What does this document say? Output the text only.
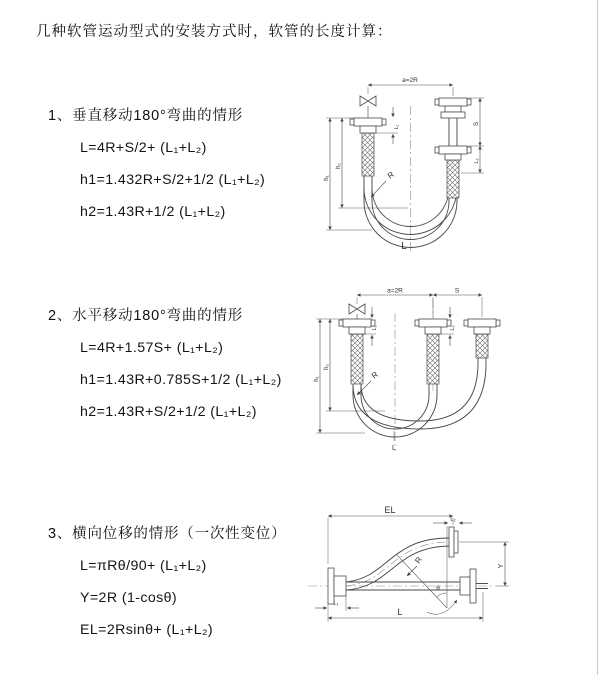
几种软管运动型式的安装方式时，软管的长度计算：
1、垂直移动180°弯曲的情形
L=4R+S/2+ (L₁+L₂)
h1=1.432R+S/2+1/2 (L₁+L₂)
h2=1.43R+1/2 (L₁+L₂)
2、水平移动180°弯曲的情形
L=4R+1.57S+ (L₁+L₂)
h1=1.43R+0.785S+1/2 (L₁+L₂)
h2=1.43R+S/2+1/2 (L₁+L₂)
3、横向位移的情形（一次性变位）
L=πRθ/90+ (L₁+L₂)
Y=2R (1-cosθ)
EL=2Rsinθ+ (L₁+L₂)
a=2R
h₁
h₂
S
L₂
L₁
R
L
a=2R	S
h₁
h₂
L₁	L₂
R
L
EL
L₂
Y
L
L₁
R
θ
